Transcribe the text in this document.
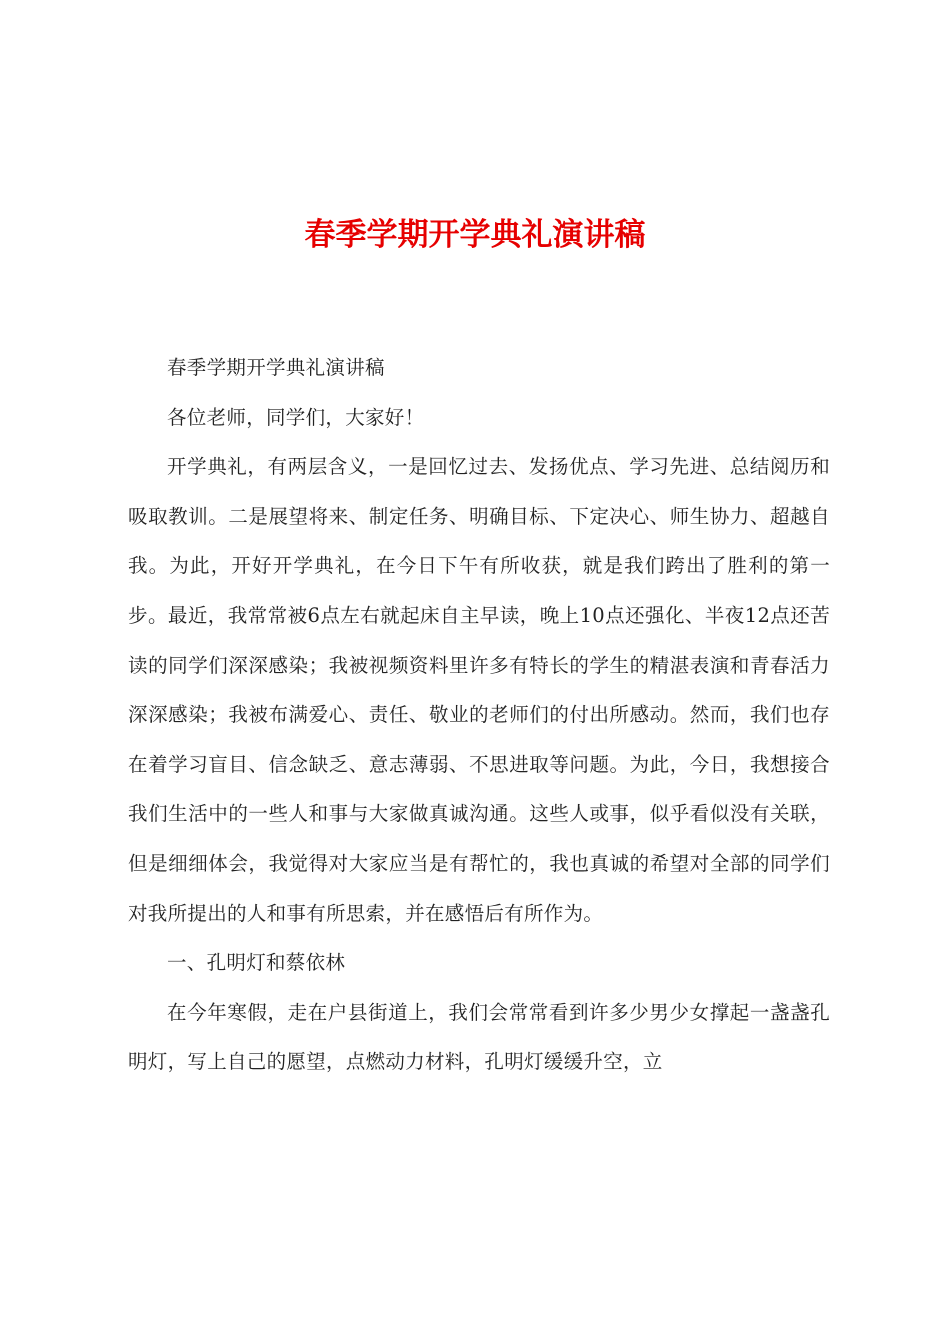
春季学期开学典礼演讲稿

春季学期开学典礼演讲稿

各位老师，同学们，大家好！

开学典礼，有两层含义，一是回忆过去、发扬优点、学习先进、总结阅历和吸取教训。二是展望将来、制定任务、明确目标、下定决心、师生协力、超越自我。为此，开好开学典礼，在今日下午有所收获，就是我们跨出了胜利的第一步。最近，我常常被6点左右就起床自主早读，晚上10点还强化、半夜12点还苦读的同学们深深感染；我被视频资料里许多有特长的学生的精湛表演和青春活力深深感染；我被布满爱心、责任、敬业的老师们的付出所感动。然而，我们也存在着学习盲目、信念缺乏、意志薄弱、不思进取等问题。为此，今日，我想接合我们生活中的一些人和事与大家做真诚沟通。这些人或事，似乎看似没有关联，但是细细体会，我觉得对大家应当是有帮忙的，我也真诚的希望对全部的同学们对我所提出的人和事有所思索，并在感悟后有所作为。

一、孔明灯和蔡依林

在今年寒假，走在户县街道上，我们会常常看到许多少男少女撑起一盏盏孔明灯，写上自己的愿望，点燃动力材料，孔明灯缓缓升空，立
